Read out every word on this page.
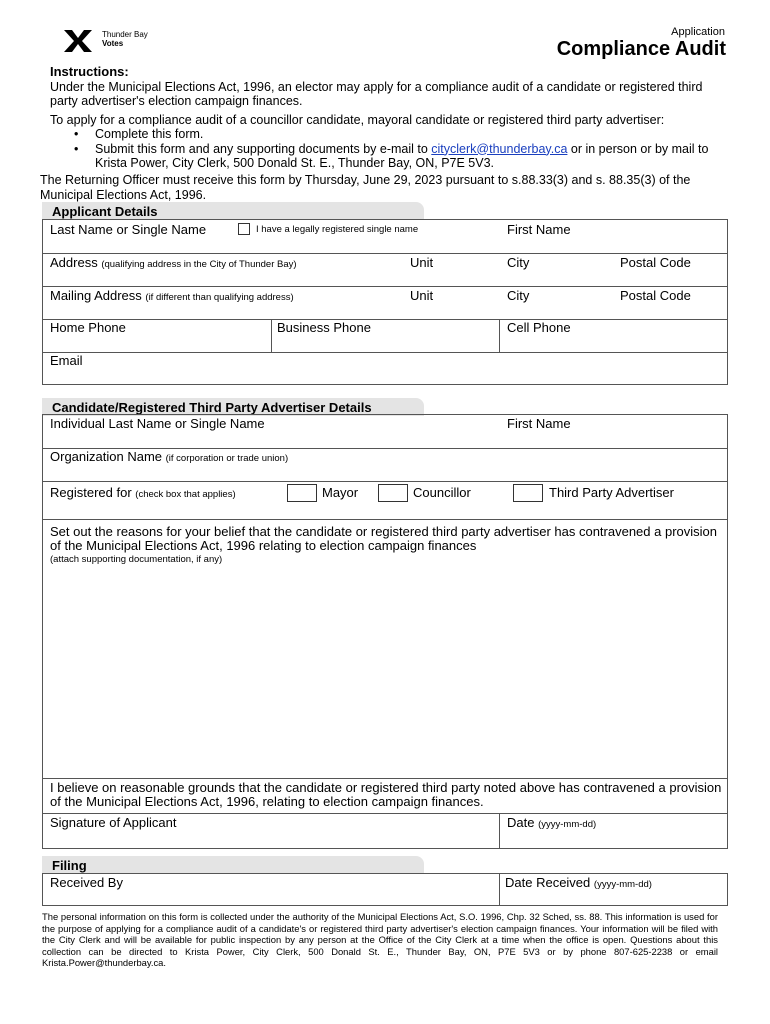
Thunder Bay
Votes
Application
Compliance Audit
Instructions:

Under the Municipal Elections Act, 1996, an elector may apply for a compliance audit of a candidate or registered third party advertiser's election campaign finances.

To apply for a compliance audit of a councillor candidate, mayoral candidate or registered third party advertiser:

• Complete this form.
• Submit this form and any supporting documents by e-mail to cityclerk@thunderbay.ca or in person or by mail to Krista Power, City Clerk, 500 Donald St. E., Thunder Bay, ON, P7E 5V3.
The Returning Officer must receive this form by Thursday, June 29, 2023 pursuant to s.88.33(3) and s. 88.35(3) of the Municipal Elections Act, 1996.
Applicant Details
Last Name or Single Name	I have a legally registered single name	First Name
Address (qualifying address in the City of Thunder Bay)	Unit	City	Postal Code
Mailing Address (if different than qualifying address)	Unit	City	Postal Code
Home Phone	Business Phone	Cell Phone
Email
Candidate/Registered Third Party Advertiser Details
Individual Last Name or Single Name	First Name
Organization Name (if corporation or trade union)
Registered for (check box that applies)	Mayor	Councillor	Third Party Advertiser
Set out the reasons for your belief that the candidate or registered third party advertiser has contravened a provision of the Municipal Elections Act, 1996 relating to election campaign finances
(attach supporting documentation, if any)
I believe on reasonable grounds that the candidate or registered third party noted above has contravened a provision of the Municipal Elections Act, 1996, relating to election campaign finances.
Signature of Applicant	Date (yyyy-mm-dd)
Filing
Received By	Date Received (yyyy-mm-dd)
The personal information on this form is collected under the authority of the Municipal Elections Act, S.O. 1996, Chp. 32 Sched, ss. 88. This information is used for the purpose of applying for a compliance audit of a candidate's or registered third party advertiser's election campaign finances. Your information will be filed with the City Clerk and will be available for public inspection by any person at the Office of the City Clerk at a time when the office is open. Questions about this collection can be directed to Krista Power, City Clerk, 500 Donald St. E., Thunder Bay, ON, P7E 5V3 or by phone 807-625-2238 or email Krista.Power@thunderbay.ca.
